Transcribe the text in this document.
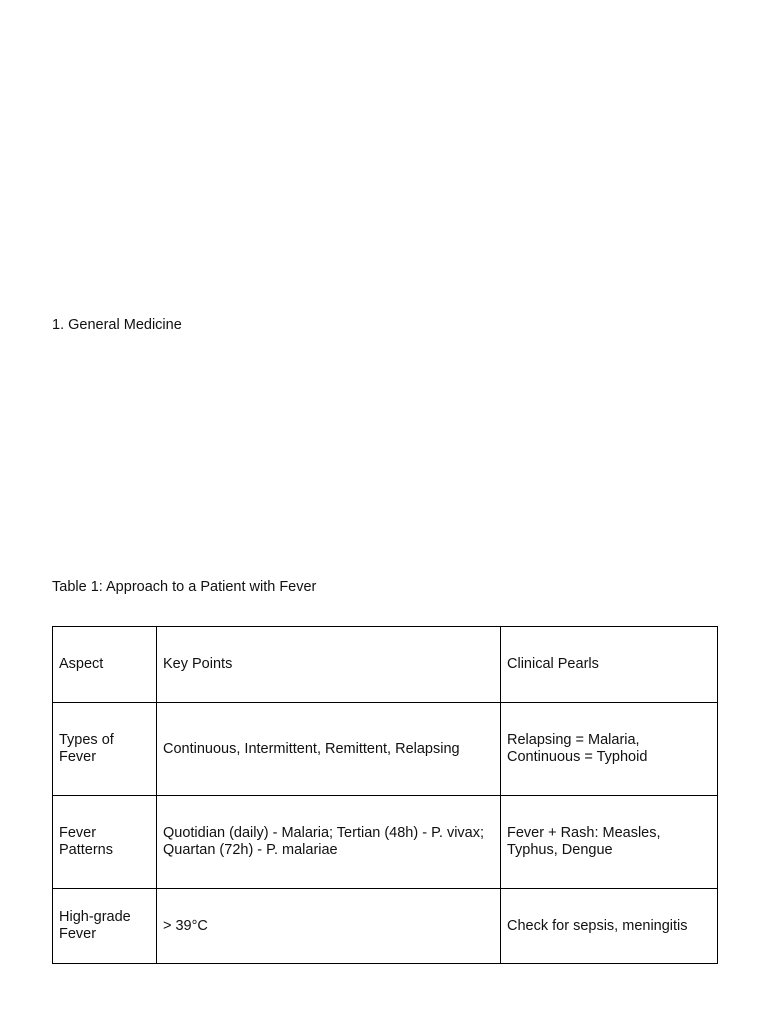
1. General Medicine

Table 1: Approach to a Patient with Fever

Aspect	Key Points	Clinical Pearls
Types of Fever	Continuous, Intermittent, Remittent, Relapsing	Relapsing = Malaria, Continuous = Typhoid
Fever Patterns	Quotidian (daily) - Malaria; Tertian (48h) - P. vivax; Quartan (72h) - P. malariae	Fever + Rash: Measles, Typhus, Dengue
High-grade Fever	> 39°C	Check for sepsis, meningitis
